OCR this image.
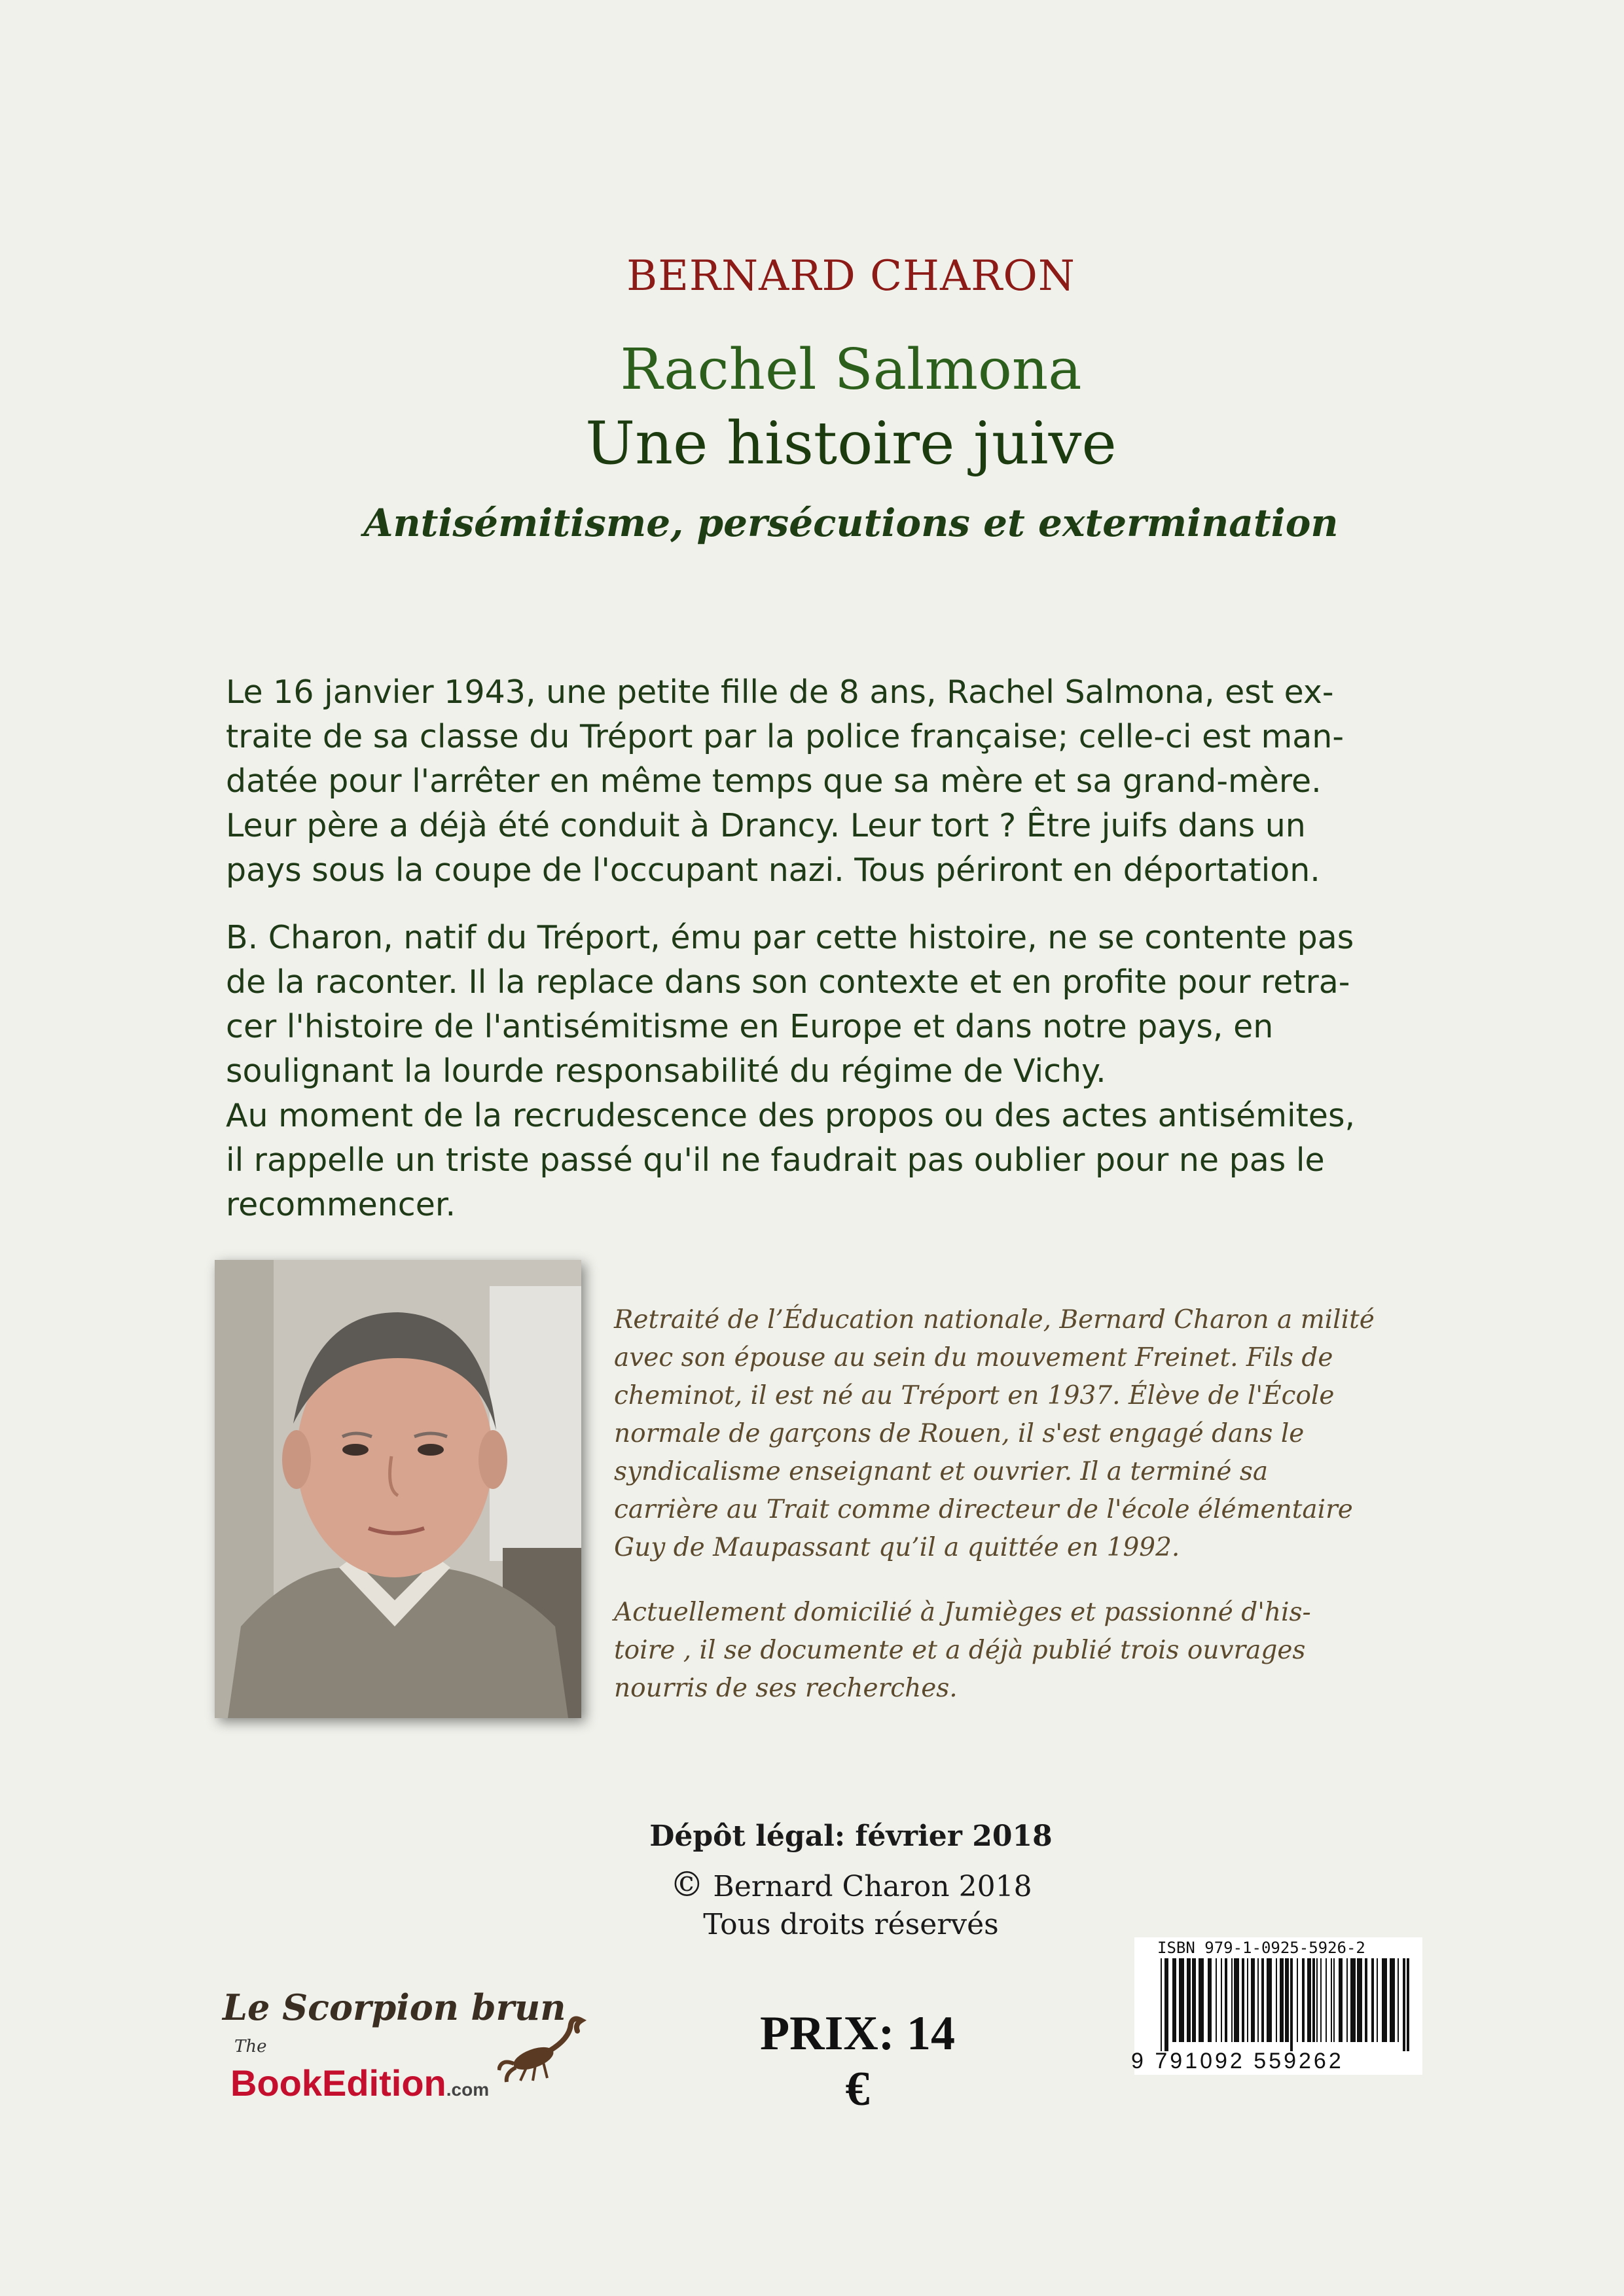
BERNARD CHARON
Rachel Salmona
Une histoire juive
Antisémitisme, persécutions et extermination
Le 16 janvier 1943, une petite fille de 8 ans, Rachel Salmona, est ex-
traite de sa classe du Tréport par la police française; celle-ci est man-
datée pour l'arrêter en même temps que sa mère et sa grand-mère.
Leur père a déjà été conduit à Drancy. Leur tort ? Être juifs dans un
pays sous la coupe de l'occupant nazi. Tous périront en déportation.
B. Charon, natif du Tréport, ému par cette histoire, ne se contente pas
de la raconter. Il la replace dans son contexte et en profite pour retra-
cer l'histoire de l'antisémitisme en Europe et dans notre pays, en
soulignant la lourde responsabilité du régime de Vichy.
Au moment de la recrudescence des propos ou des actes antisémites,
il rappelle un triste passé qu'il ne faudrait pas oublier pour ne pas le
recommencer.
Retraité de l’Éducation nationale, Bernard Charon a milité
avec son épouse au sein du mouvement Freinet. Fils de
cheminot, il est né au Tréport en 1937. Élève de l'École
normale de garçons de Rouen, il s'est engagé dans le
syndicalisme enseignant et ouvrier. Il a terminé sa
carrière au Trait comme directeur de l'école élémentaire
Guy de Maupassant qu’il a quittée en 1992.
Actuellement domicilié à Jumièges et passionné d'his-
toire , il se documente et a déjà publié trois ouvrages
nourris de ses recherches.
Dépôt légal: février 2018
© Bernard Charon 2018
Tous droits réservés
Le Scorpion brun
The
BookEdition.com
PRIX: 14 €
ISBN 979-1-0925-5926-2
9 791092 559262
